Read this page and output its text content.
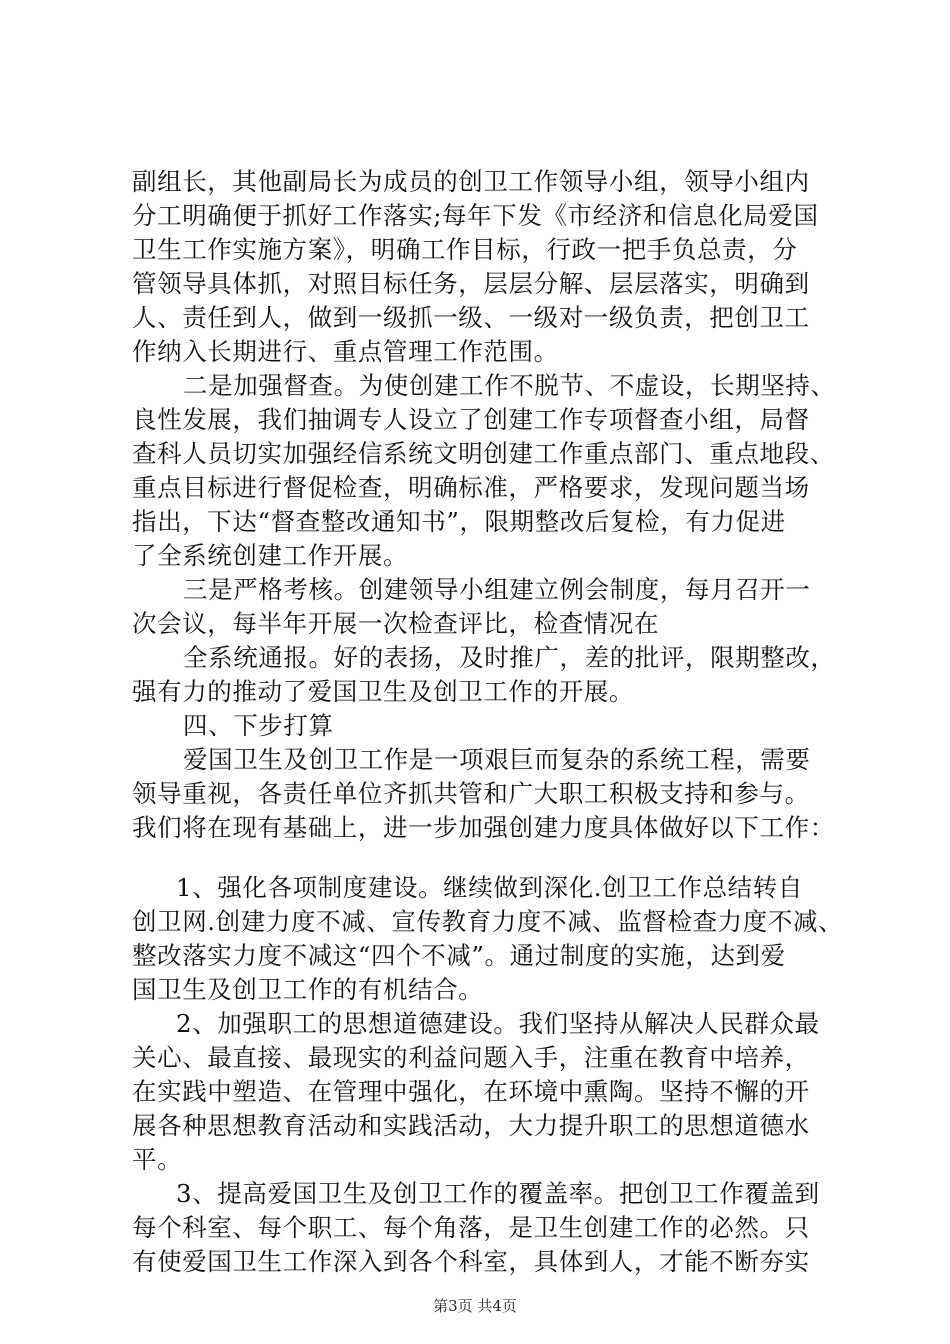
副组长，其他副局长为成员的创卫工作领导小组，领导小组内
分工明确便于抓好工作落实;每年下发《市经济和信息化局爱国
卫生工作实施方案》，明确工作目标，行政一把手负总责，分
管领导具体抓，对照目标任务，层层分解、层层落实，明确到
人、责任到人，做到一级抓一级、一级对一级负责，把创卫工
作纳入长期进行、重点管理工作范围。
二是加强督查。为使创建工作不脱节、不虚设，长期坚持、
良性发展，我们抽调专人设立了创建工作专项督查小组，局督
查科人员切实加强经信系统文明创建工作重点部门、重点地段、
重点目标进行督促检查，明确标准，严格要求，发现问题当场
指出，下达“督查整改通知书”，限期整改后复检，有力促进
了全系统创建工作开展。
三是严格考核。创建领导小组建立例会制度，每月召开一
次会议，每半年开展一次检查评比，检查情况在
全系统通报。好的表扬，及时推广，差的批评，限期整改，
强有力的推动了爱国卫生及创卫工作的开展。
四、下步打算
爱国卫生及创卫工作是一项艰巨而复杂的系统工程，需要
领导重视，各责任单位齐抓共管和广大职工积极支持和参与。
我们将在现有基础上，进一步加强创建力度具体做好以下工作：
1、强化各项制度建设。继续做到深化.创卫工作总结转自
创卫网.创建力度不减、宣传教育力度不减、监督检查力度不减、
整改落实力度不减这“四个不减”。通过制度的实施，达到爱
国卫生及创卫工作的有机结合。
2、加强职工的思想道德建设。我们坚持从解决人民群众最
关心、最直接、最现实的利益问题入手，注重在教育中培养，
在实践中塑造、在管理中强化，在环境中熏陶。坚持不懈的开
展各种思想教育活动和实践活动，大力提升职工的思想道德水
平。
3、提高爱国卫生及创卫工作的覆盖率。把创卫工作覆盖到
每个科室、每个职工、每个角落，是卫生创建工作的必然。只
有使爱国卫生工作深入到各个科室，具体到人，才能不断夯实
第3页 共4页
